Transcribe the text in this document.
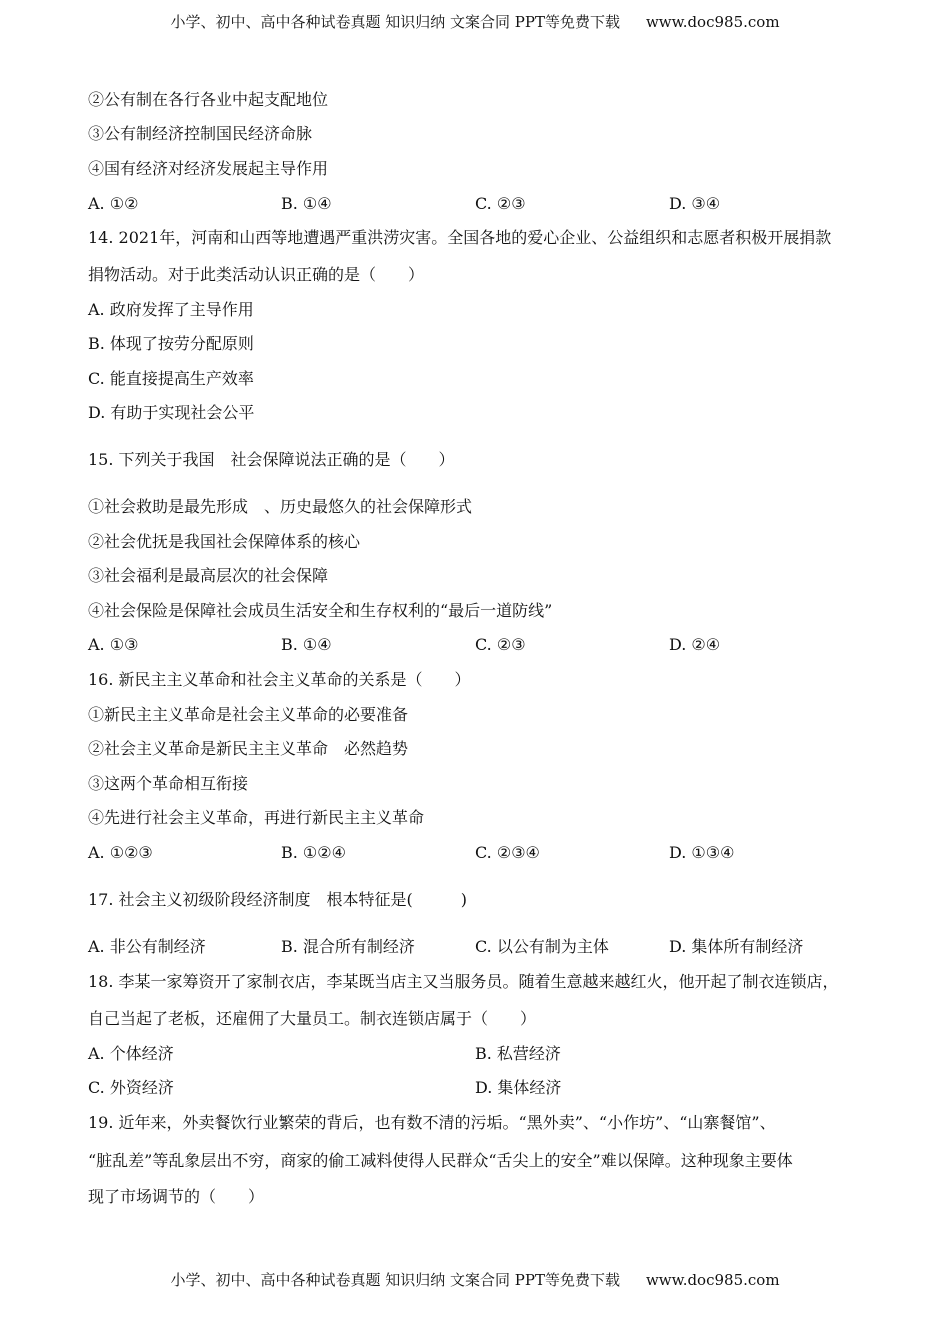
小学、初中、高中各种试卷真题 知识归纳 文案合同 PPT等免费下载 www.doc985.com
②公有制在各行各业中起支配地位
③公有制经济控制国民经济命脉
④国有经济对经济发展起主导作用
A. ①②	B. ①④	C. ②③	D. ③④
14. 2021年，河南和山西等地遭遇严重洪涝灾害。全国各地的爱心企业、公益组织和志愿者积极开展捐款
捐物活动。对于此类活动认识正确的是（　　）
A. 政府发挥了主导作用
B. 体现了按劳分配原则
C. 能直接提高生产效率
D. 有助于实现社会公平
15. 下列关于我国　社会保障说法正确的是（　　）
①社会救助是最先形成　、历史最悠久的社会保障形式
②社会优抚是我国社会保障体系的核心
③社会福利是最高层次的社会保障
④社会保险是保障社会成员生活安全和生存权利的“最后一道防线”
A. ①③	B. ①④	C. ②③	D. ②④
16. 新民主主义革命和社会主义革命的关系是（　　）
①新民主主义革命是社会主义革命的必要准备
②社会主义革命是新民主主义革命　必然趋势
③这两个革命相互衔接
④先进行社会主义革命，再进行新民主主义革命
A. ①②③	B. ①②④	C. ②③④	D. ①③④
17. 社会主义初级阶段经济制度　根本特征是(　　　)
A. 非公有制经济	B. 混合所有制经济	C. 以公有制为主体	D. 集体所有制经济
18. 李某一家筹资开了家制衣店，李某既当店主又当服务员。随着生意越来越红火，他开起了制衣连锁店，
自己当起了老板，还雇佣了大量员工。制衣连锁店属于（　　）
A. 个体经济	B. 私营经济
C. 外资经济	D. 集体经济
19. 近年来，外卖餐饮行业繁荣的背后，也有数不清的污垢。“黑外卖”、“小作坊”、“山寨餐馆”、
“脏乱差”等乱象层出不穷，商家的偷工减料使得人民群众“舌尖上的安全”难以保障。这种现象主要体
现了市场调节的（　　）
小学、初中、高中各种试卷真题 知识归纳 文案合同 PPT等免费下载 www.doc985.com
